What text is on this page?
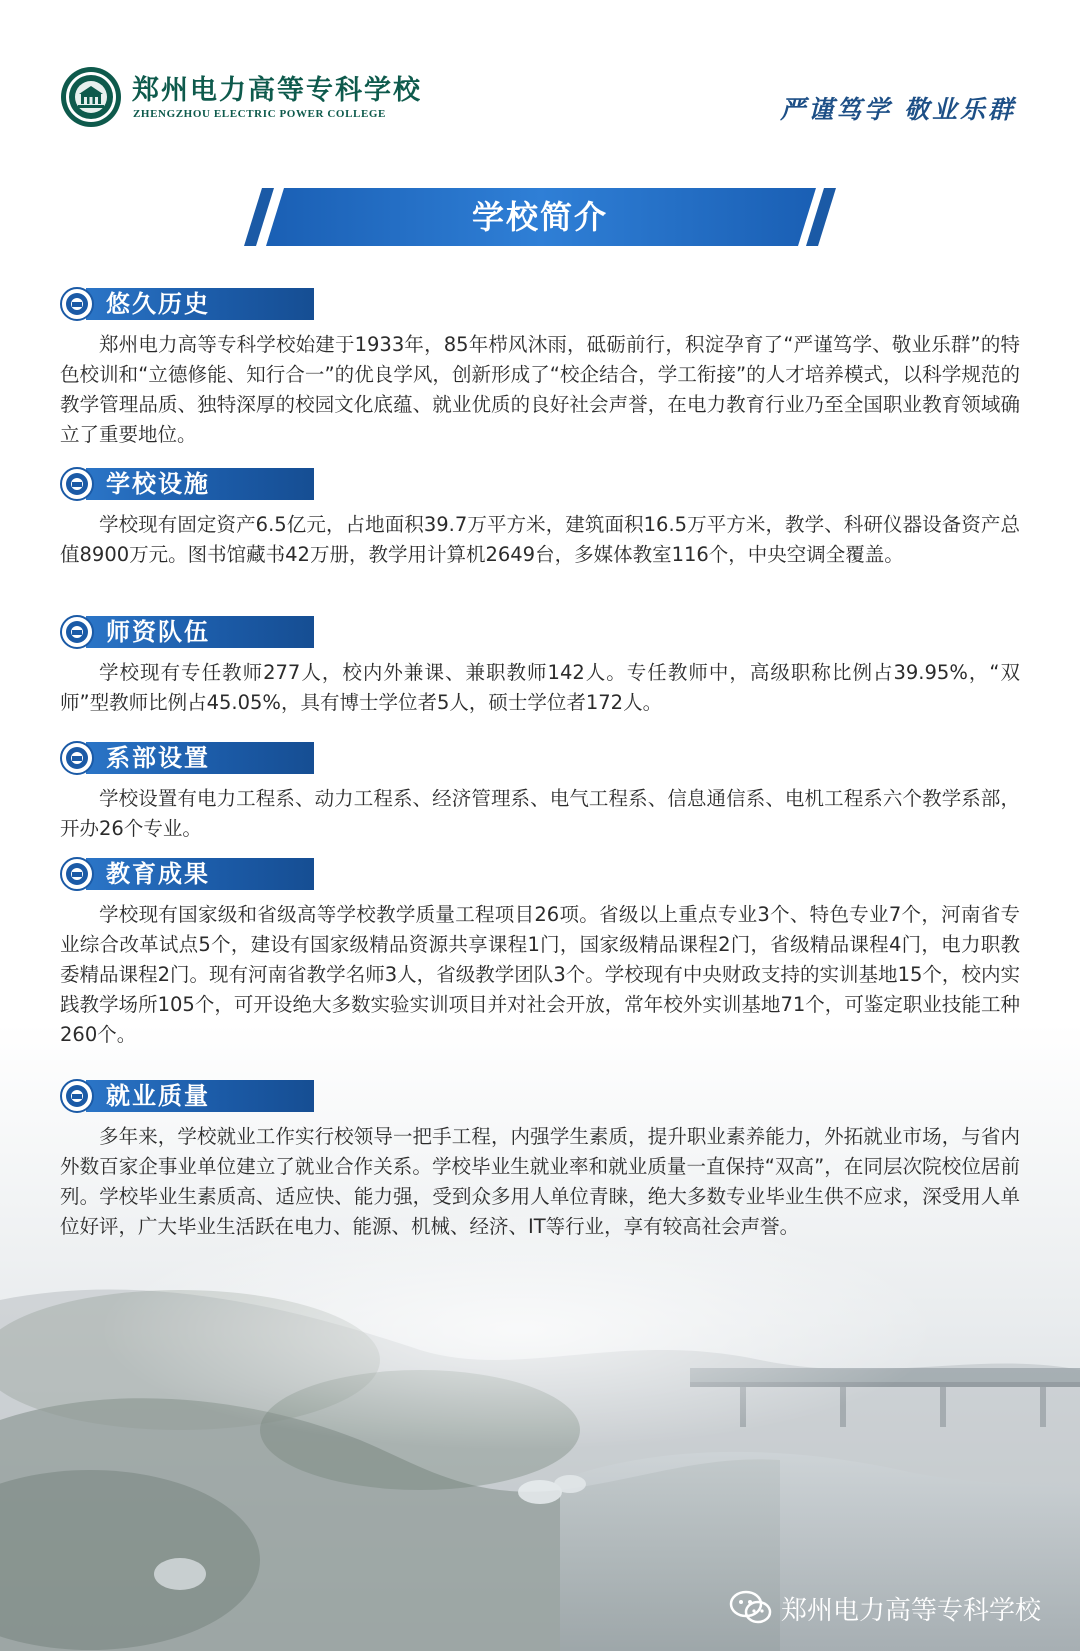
郑州电力高等专科学校
ZHENGZHOU ELECTRIC POWER COLLEGE	严谨笃学 敬业乐群
学校简介
悠久历史

郑州电力高等专科学校始建于1933年，85年栉风沐雨，砥砺前行，积淀孕育了“严谨笃学、敬业乐群”的特色校训和“立德修能、知行合一”的优良学风，创新形成了“校企结合，学工衔接”的人才培养模式，以科学规范的教学管理品质、独特深厚的校园文化底蕴、就业优质的良好社会声誉，在电力教育行业乃至全国职业教育领域确立了重要地位。

学校设施

学校现有固定资产6.5亿元，占地面积39.7万平方米，建筑面积16.5万平方米，教学、科研仪器设备资产总值8900万元。图书馆藏书42万册，教学用计算机2649台，多媒体教室116个，中央空调全覆盖。

师资队伍

学校现有专任教师277人，校内外兼课、兼职教师142人。专任教师中，高级职称比例占39.95%，“双师”型教师比例占45.05%，具有博士学位者5人，硕士学位者172人。

系部设置

学校设置有电力工程系、动力工程系、经济管理系、电气工程系、信息通信系、电机工程系六个教学系部，开办26个专业。

教育成果

学校现有国家级和省级高等学校教学质量工程项目26项。省级以上重点专业3个、特色专业7个，河南省专业综合改革试点5个，建设有国家级精品资源共享课程1门，国家级精品课程2门，省级精品课程4门，电力职教委精品课程2门。现有河南省教学名师3人，省级教学团队3个。学校现有中央财政支持的实训基地15个，校内实践教学场所105个，可开设绝大多数实验实训项目并对社会开放，常年校外实训基地71个，可鉴定职业技能工种260个。

就业质量

多年来，学校就业工作实行校领导一把手工程，内强学生素质，提升职业素养能力，外拓就业市场，与省内外数百家企事业单位建立了就业合作关系。学校毕业生就业率和就业质量一直保持“双高”，在同层次院校位居前列。学校毕业生素质高、适应快、能力强，受到众多用人单位青睐，绝大多数专业毕业生供不应求，深受用人单位好评，广大毕业生活跃在电力、能源、机械、经济、IT等行业，享有较高社会声誉。

郑州电力高等专科学校
